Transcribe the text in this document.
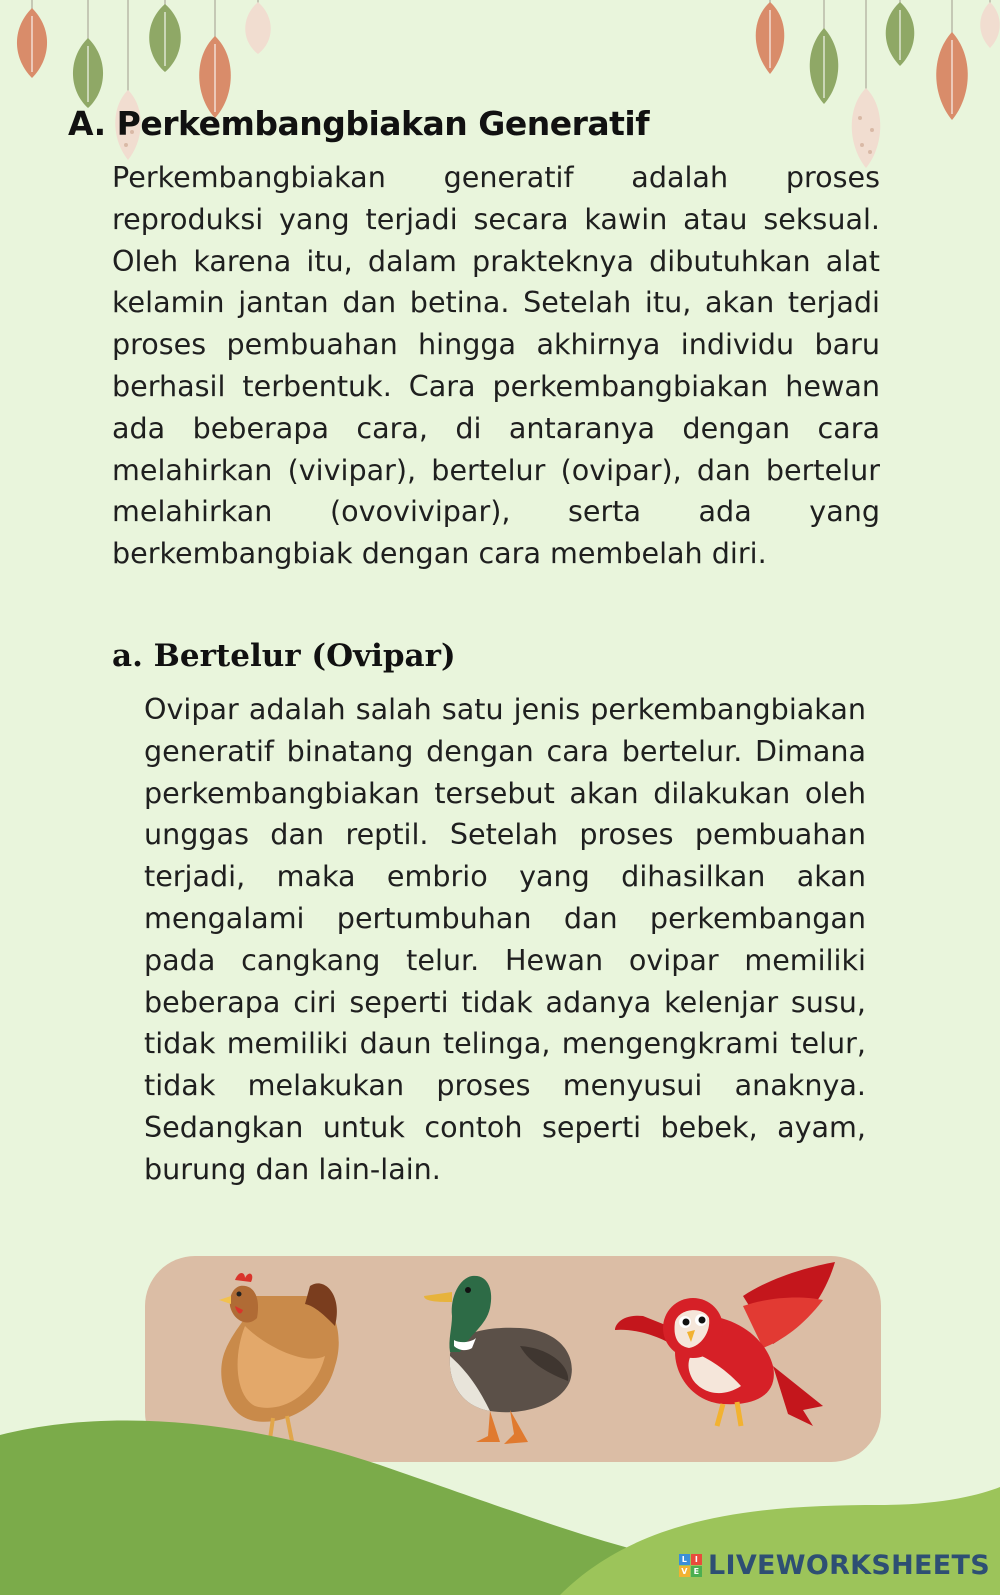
A. Perkembangbiakan Generatif

Perkembangbiakan generatif adalah proses reproduksi yang terjadi secara kawin atau seksual. Oleh karena itu, dalam prakteknya dibutuhkan alat kelamin jantan dan betina. Setelah itu, akan terjadi proses pembuahan hingga akhirnya individu baru berhasil terbentuk. Cara perkembangbiakan hewan ada beberapa cara, di antaranya dengan cara melahirkan (vivipar), bertelur (ovipar), dan bertelur melahirkan (ovovivipar), serta ada yang berkembangbiak dengan cara membelah diri.

a. Bertelur (Ovipar)

Ovipar adalah salah satu jenis perkembangbiakan generatif binatang dengan cara bertelur. Dimana perkembangbiakan tersebut akan dilakukan oleh unggas dan reptil. Setelah proses pembuahan terjadi, maka embrio yang dihasilkan akan mengalami pertumbuhan dan perkembangan pada cangkang telur. Hewan ovipar memiliki beberapa ciri seperti tidak adanya kelenjar susu, tidak memiliki daun telinga, mengengkrami telur, tidak melakukan proses menyusui anaknya. Sedangkan untuk contoh seperti bebek, ayam, burung dan lain-lain.

L I
V E LIVEWORKSHEETS
